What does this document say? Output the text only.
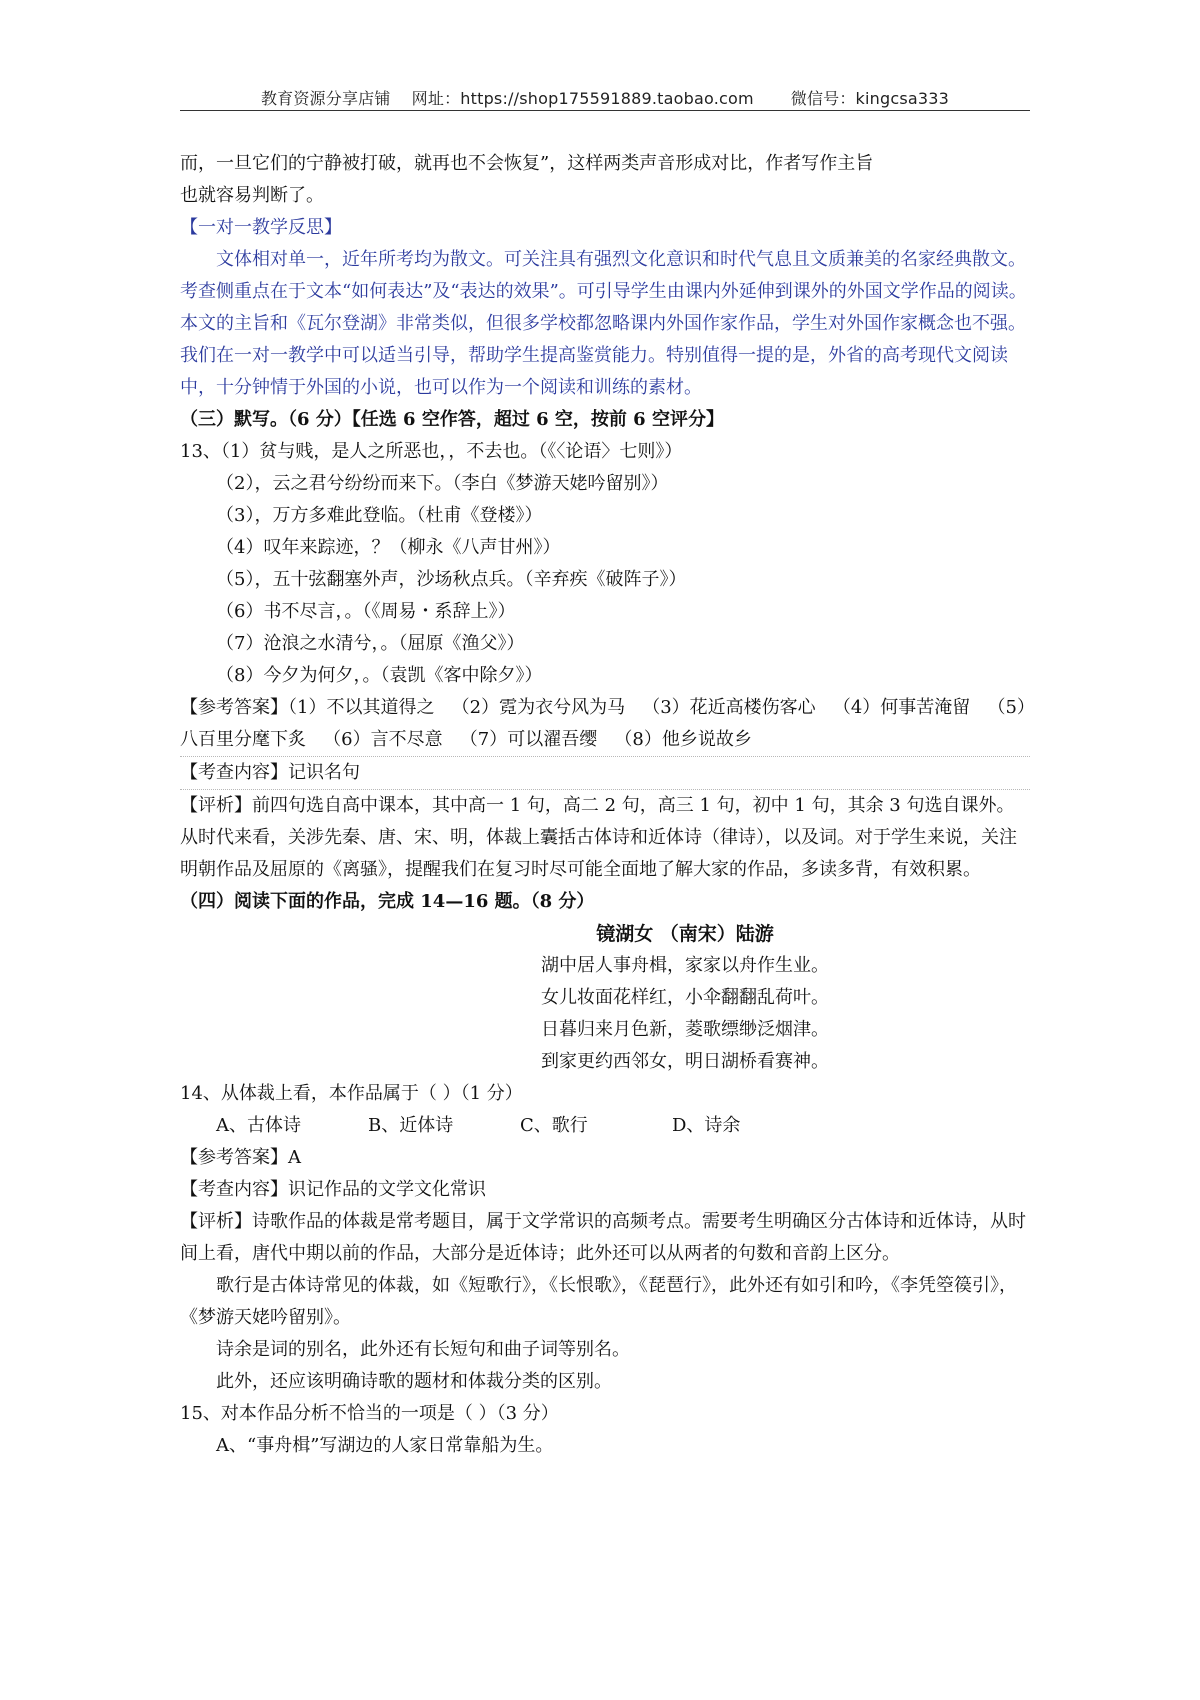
教育资源分享店铺    网址：https://shop175591889.taobao.com       微信号：kingcsa333

而，一旦它们的宁静被打破，就再也不会恢复”，这样两类声音形成对比，作者写作主旨

也就容易判断了。

【一对一教学反思】

文体相对单一，近年所考均为散文。可关注具有强烈文化意识和时代气息且文质兼美的名家经典散文。考查侧重点在于文本“如何表达”及“表达的效果”。可引导学生由课内外延伸到课外的外国文学作品的阅读。本文的主旨和《瓦尔登湖》非常类似，但很多学校都忽略课内外国作家作品，学生对外国作家概念也不强。我们在一对一教学中可以适当引导，帮助学生提高鉴赏能力。特别值得一提的是，外省的高考现代文阅读中，十分钟情于外国的小说，也可以作为一个阅读和训练的素材。

（三）默写。（6 分）【任选 6 空作答，超过 6 空，按前 6 空评分】

13、（1）贫与贱，是人之所恶也，，不去也。（《〈论语〉七则》）

（2），云之君兮纷纷而来下。（李白《梦游天姥吟留别》）

（3），万方多难此登临。（杜甫《登楼》）

（4）叹年来踪迹，？（柳永《八声甘州》）

（5），五十弦翻塞外声，沙场秋点兵。（辛弃疾《破阵子》）

（6）书不尽言，。（《周易・系辞上》）

（7）沧浪之水清兮，。（屈原《渔父》）

（8）今夕为何夕，。（袁凯《客中除夕》）

【参考答案】（1）不以其道得之   （2）霓为衣兮风为马   （3）花近高楼伤客心   （4）何事苦淹留   （5）八百里分麾下炙   （6）言不尽意   （7）可以濯吾缨   （8）他乡说故乡

【考查内容】记识名句

【评析】前四句选自高中课本，其中高一 1 句，高二 2 句，高三 1 句，初中 1 句，其余 3 句选自课外。从时代来看，关涉先秦、唐、宋、明，体裁上囊括古体诗和近体诗（律诗），以及词。对于学生来说，关注明朝作品及屈原的《离骚》，提醒我们在复习时尽可能全面地了解大家的作品，多读多背，有效积累。

（四）阅读下面的作品，完成 14—16 题。（8 分）

镜湖女 （南宋）陆游

湖中居人事舟楫，家家以舟作生业。

女儿妆面花样红，小伞翻翻乱荷叶。

日暮归来月色新，菱歌缥缈泛烟津。

到家更约西邻女，明日湖桥看赛神。

14、从体裁上看，本作品属于（ ）（1 分）

A、古体诗	B、近体诗	C、歌行	D、诗余

【参考答案】A

【考查内容】识记作品的文学文化常识

【评析】诗歌作品的体裁是常考题目，属于文学常识的高频考点。需要考生明确区分古体诗和近体诗，从时间上看，唐代中期以前的作品，大部分是近体诗；此外还可以从两者的句数和音韵上区分。

歌行是古体诗常见的体裁，如《短歌行》，《长恨歌》，《琵琶行》，此外还有如引和吟，《李凭箜篌引》，《梦游天姥吟留别》。

诗余是词的别名，此外还有长短句和曲子词等别名。

此外，还应该明确诗歌的题材和体裁分类的区别。

15、对本作品分析不恰当的一项是（ ）（3 分）

A、“事舟楫”写湖边的人家日常靠船为生。
